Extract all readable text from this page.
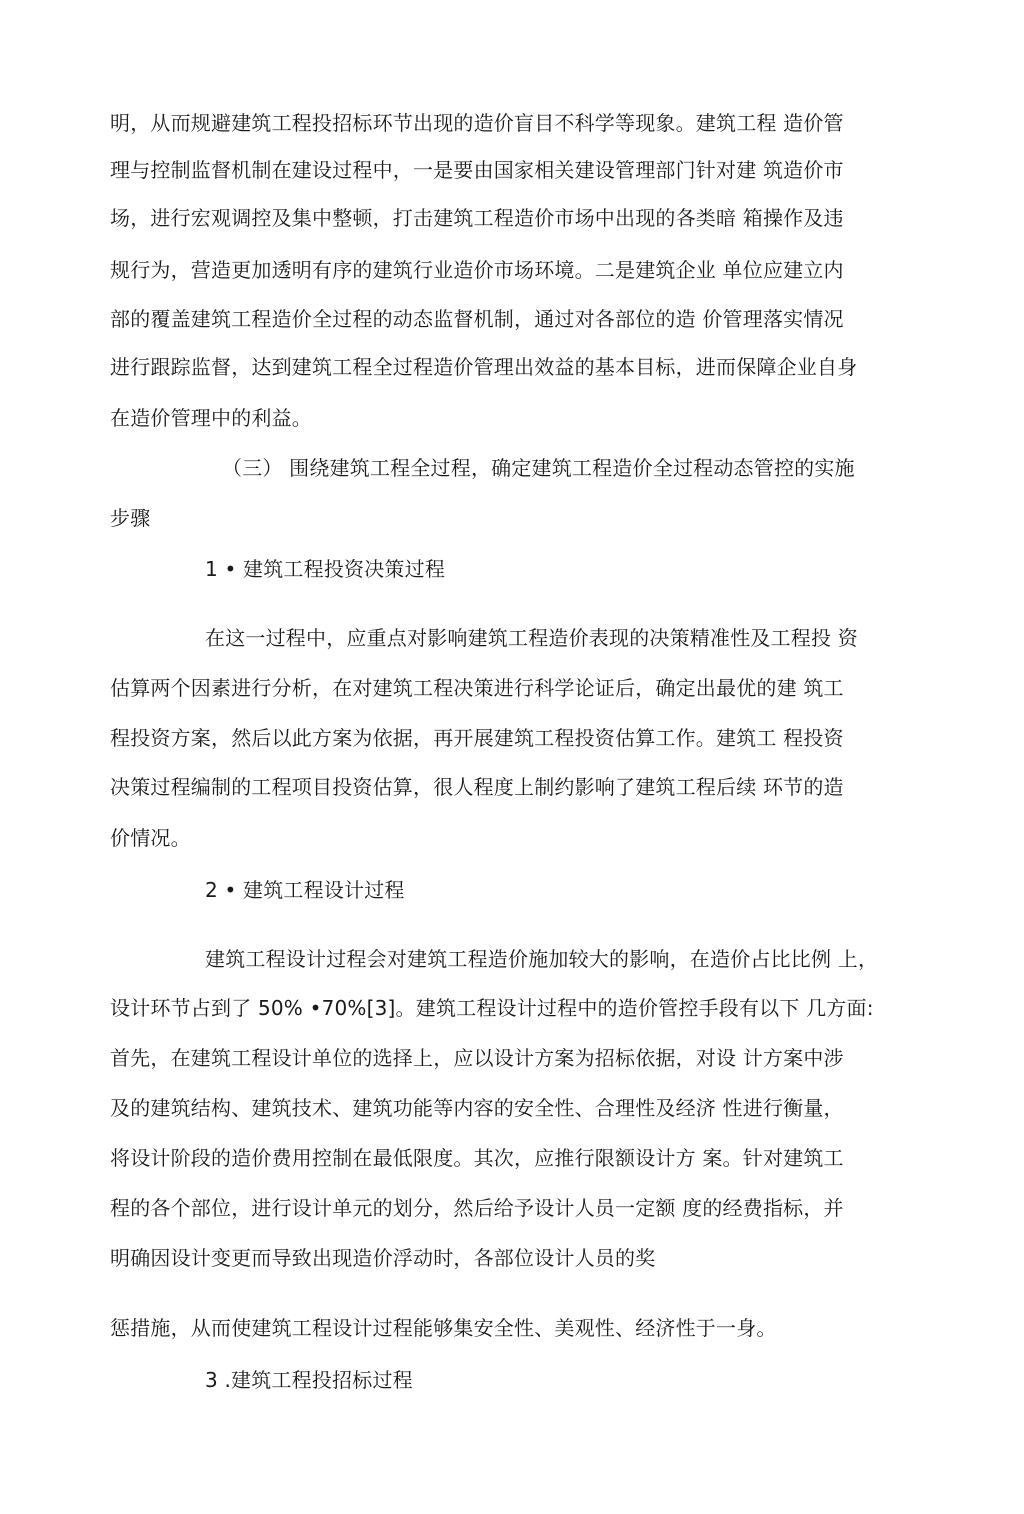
明，从而规避建筑工程投招标环节出现的造价盲目不科学等现象。建筑工程 造价管
理与控制监督机制在建设过程中，一是要由国家相关建设管理部门针对建 筑造价市
场，进行宏观调控及集中整顿，打击建筑工程造价市场中出现的各类暗 箱操作及违
规行为，营造更加透明有序的建筑行业造价市场环境。二是建筑企业 单位应建立内
部的覆盖建筑工程造价全过程的动态监督机制，通过对各部位的造 价管理落实情况
进行跟踪监督，达到建筑工程全过程造价管理出效益的基本目标，进而保障企业自身
在造价管理中的利益。
（三） 围绕建筑工程全过程，确定建筑工程造价全过程动态管控的实施
步骤
1 • 建筑工程投资决策过程
在这一过程中，应重点对影响建筑工程造价表现的决策精准性及工程投 资
估算两个因素进行分析，在对建筑工程决策进行科学论证后，确定出最优的建 筑工
程投资方案，然后以此方案为依据，再开展建筑工程投资估算工作。建筑工 程投资
决策过程编制的工程项目投资估算，很人程度上制约影响了建筑工程后续 环节的造
价情况。
2 • 建筑工程设计过程
建筑工程设计过程会对建筑工程造价施加较大的影响，在造价占比比例 上，
设计环节占到了 50% •70%[3]。建筑工程设计过程中的造价管控手段有以下 几方面:
首先，在建筑工程设计单位的选择上，应以设计方案为招标依据，对设 计方案中涉
及的建筑结构、建筑技术、建筑功能等内容的安全性、合理性及经济 性进行衡量，
将设计阶段的造价费用控制在最低限度。其次，应推行限额设计方 案。针对建筑工
程的各个部位，进行设计单元的划分，然后给予设计人员一定额 度的经费指标，并
明确因设计变更而导致出现造价浮动时，各部位设计人员的奖
惩措施，从而使建筑工程设计过程能够集安全性、美观性、经济性于一身。
3 .建筑工程投招标过程
